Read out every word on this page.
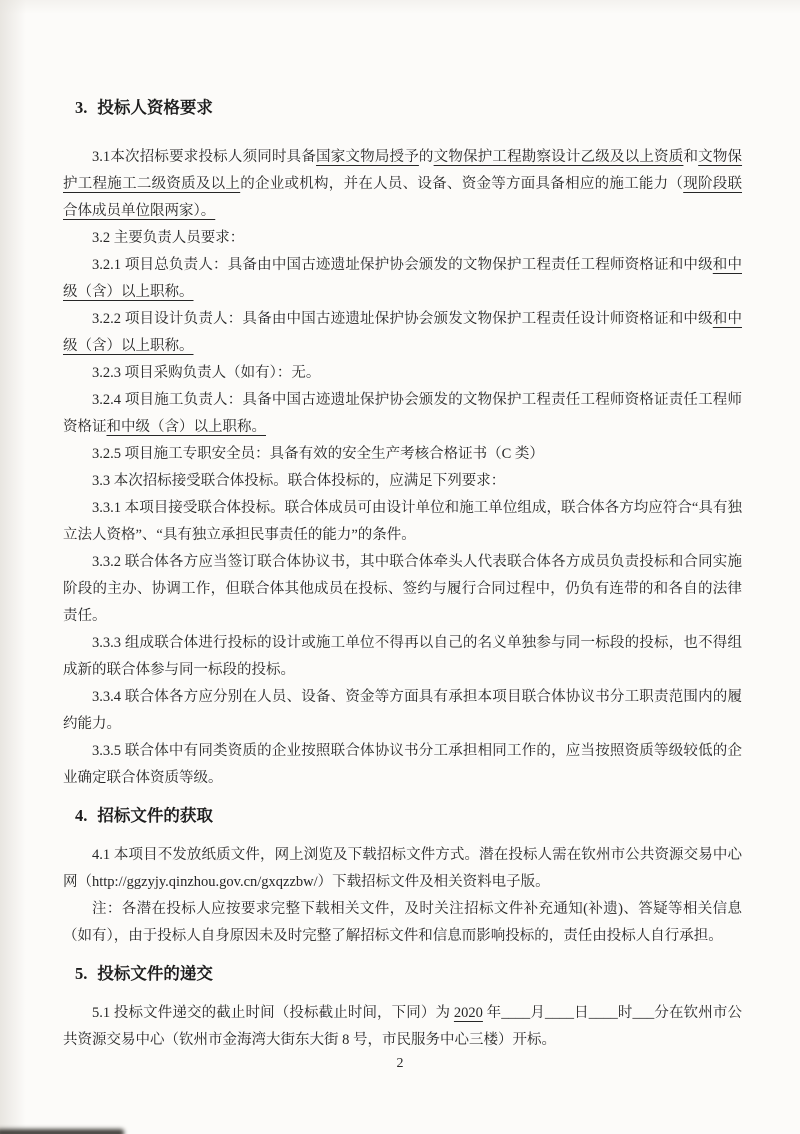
3. 投标人资格要求

3.1本次招标要求投标人须同时具备国家文物局授予的文物保护工程勘察设计乙级及以上资质和文物保护工程施工二级资质及以上的企业或机构，并在人员、设备、资金等方面具备相应的施工能力（现阶段联合体成员单位限两家）。

3.2 主要负责人员要求：

3.2.1 项目总负责人：具备由中国古迹遗址保护协会颁发的文物保护工程责任工程师资格证和中级和中级（含）以上职称。

3.2.2 项目设计负责人：具备由中国古迹遗址保护协会颁发文物保护工程责任设计师资格证和中级和中级（含）以上职称。

3.2.3 项目采购负责人（如有）：无。

3.2.4 项目施工负责人：具备中国古迹遗址保护协会颁发的文物保护工程责任工程师资格证责任工程师资格证和中级（含）以上职称。

3.2.5 项目施工专职安全员：具备有效的安全生产考核合格证书（C 类）

3.3 本次招标接受联合体投标。联合体投标的，应满足下列要求：

3.3.1 本项目接受联合体投标。联合体成员可由设计单位和施工单位组成，联合体各方均应符合“具有独立法人资格”、“具有独立承担民事责任的能力”的条件。

3.3.2 联合体各方应当签订联合体协议书，其中联合体牵头人代表联合体各方成员负责投标和合同实施阶段的主办、协调工作，但联合体其他成员在投标、签约与履行合同过程中，仍负有连带的和各自的法律责任。

3.3.3 组成联合体进行投标的设计或施工单位不得再以自己的名义单独参与同一标段的投标，也不得组成新的联合体参与同一标段的投标。

3.3.4 联合体各方应分别在人员、设备、资金等方面具有承担本项目联合体协议书分工职责范围内的履约能力。

3.3.5 联合体中有同类资质的企业按照联合体协议书分工承担相同工作的，应当按照资质等级较低的企业确定联合体资质等级。

4. 招标文件的获取

4.1 本项目不发放纸质文件，网上浏览及下载招标文件方式。潜在投标人需在钦州市公共资源交易中心网（http://ggzyjy.qinzhou.gov.cn/gxqzzbw/）下载招标文件及相关资料电子版。

注：各潜在投标人应按要求完整下载相关文件，及时关注招标文件补充通知(补遗)、答疑等相关信息（如有），由于投标人自身原因未及时完整了解招标文件和信息而影响投标的，责任由投标人自行承担。

5. 投标文件的递交

5.1 投标文件递交的截止时间（投标截止时间，下同）为 2020 年____月____日____时___分在钦州市公共资源交易中心（钦州市金海湾大街东大街 8 号，市民服务中心三楼）开标。

2
